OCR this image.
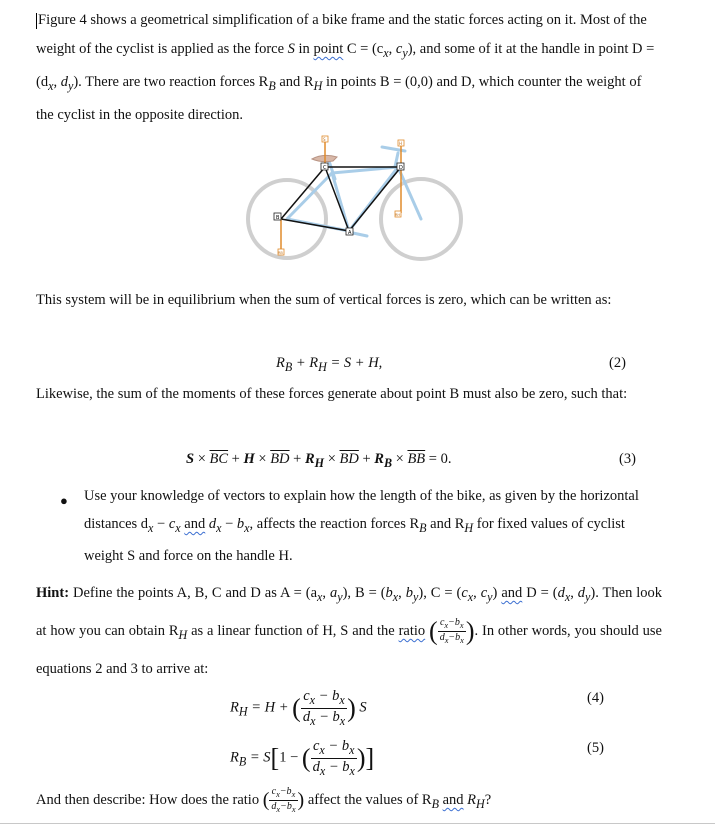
Figure 4 shows a geometrical simplification of a bike frame and the static forces acting on it. Most of the weight of the cyclist is applied as the force S in point $C = (c_x$, $c_y$), and some of it at the handle in point $D = (d_x$, $d_y$). There are two reaction forces $R_B$ and $R_H$ in points B = (0,0) and D, which counter the weight of the cyclist in the opposite direction.

C	D
B
A
S
H
RB
RH

This system will be in equilibrium when the sum of vertical forces is zero, which can be written as:

$R_B + R_H = S + H$,	(2)

Likewise, the sum of the moments of these forces generate about point B must also be zero, such that:

$S \times \overline{BC} + H \times \overline{BD} + R_H \times \overline{BD} + R_B \times \overline{BB} = 0$.	(3)
● Use your knowledge of vectors to explain how the length of the bike, as given by the horizontal distances $d_x - c_x$ and $d_x - b_x$, affects the reaction forces $R_B$ and $R_H$ for fixed values of cyclist weight S and force on the handle H.

Hint: Define the points A, B, C and D as $A = (a_x$, $a_y$), $B = (b_x$, $b_y$), $C = (c_x$, $c_y$) and $D = (d_x$, $d_y$). Then look at how you can obtain $R_H$ as a linear function of H, S and the ratio ( $\frac{c_x-b_x}{d_x-b_x}$ ). In other words, you should use equations 2 and 3 to arrive at:

$R_H = H$ + ( $\frac{c_x - b_x}{d_x - b_x}$ ) S
(4)
$R_B = S[1$ − ( $\frac{c_x - b_x}{d_x - b_x}$ )]	(5)

And then describe: How does the ratio ( $\frac{c_x-b_x}{d_x-b_x}$ ) affect the values of $R_B$ and $R_H$?
